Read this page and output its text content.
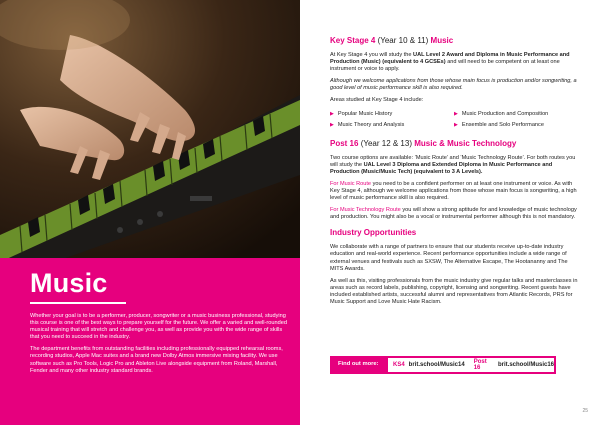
Music

Whether your goal is to be a performer, producer, songwriter or a music business professional, studying this course is one of the best ways to prepare yourself for the future. We offer a varied and well-rounded musical training that will stretch and challenge you, as well as provide you with the wide range of skills that you need to succeed in the industry.

The department benefits from outstanding facilities including professionally equipped rehearsal rooms, recording studios, Apple Mac suites and a brand new Dolby Atmos immersive mixing facility. We use software such as Pro Tools, Logic Pro and Ableton Live alongside equipment from Roland, Marshall, Fender and many other industry standard brands.

Key Stage 4 (Year 10 & 11) Music

At Key Stage 4 you will study the UAL Level 2 Award and Diploma in Music Performance and Production (Music) (equivalent to 4 GCSEs) and will need to be competent on at least one instrument or voice to apply.

Although we welcome applications from those whose main focus is production and/or songwriting, a good level of music performance skill is also required.

Areas studied at Key Stage 4 include:

▶ Popular Music History	▶ Music Production and Composition
▶ Music Theory and Analysis	▶ Ensemble and Solo Performance
Post 16 (Year 12 & 13) Music & Music Technology

Two course options are available: ‘Music Route’ and ‘Music Technology Route’. For both routes you will study the UAL Level 3 Diploma and Extended Diploma in Music Performance and Production (Music/Music Tech) (equivalent to 3 A Levels).

For Music Route you need to be a confident performer on at least one instrument or voice. As with Key Stage 4, although we welcome applications from those whose main focus is songwriting, a high level of music performance skill is also required.

For Music Technology Route you will show a strong aptitude for and knowledge of music technology and production. You might also be a vocal or instrumental performer although this is not mandatory.

Industry Opportunities

We collaborate with a range of partners to ensure that our students receive up-to-date industry education and real-world experience. Recent performance opportunities include a wide range of external venues and festivals such as SXSW, The Alternative Escape, The Hootananny and The MITS Awards.

As well as this, visiting professionals from the music industry give regular talks and masterclasses in areas such as record labels, publishing, copyright, licensing and songwriting. Recent guests have included established artists, successful alumni and representatives from Atlantic Records, PRS for Music Support and Love Music Hate Racism.

Find out more: KS4 brit.school/Music14 Post 16	brit.school/Music16
25
